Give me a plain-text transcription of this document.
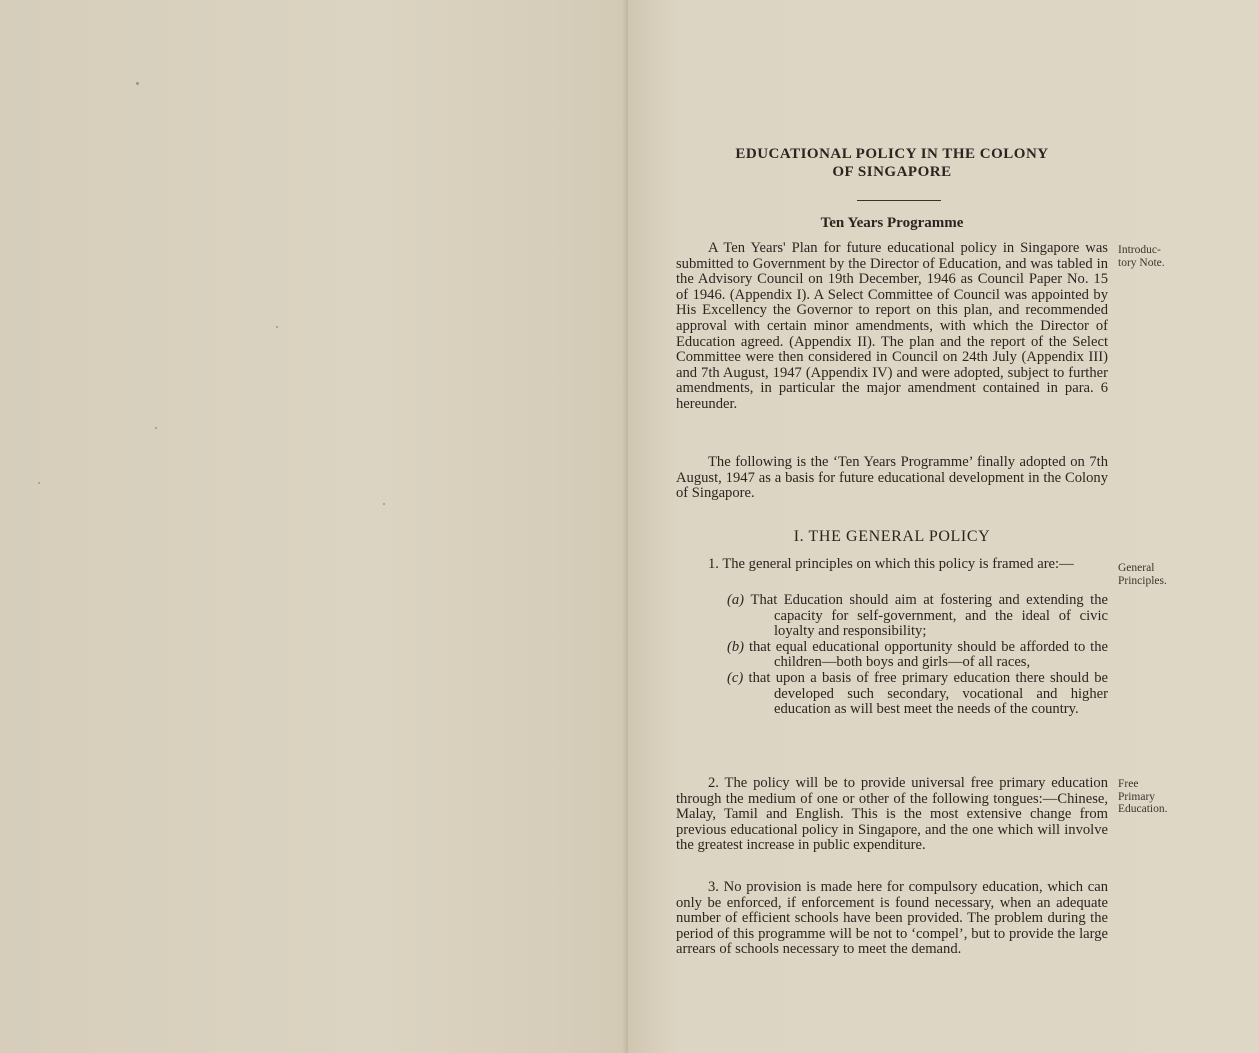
EDUCATIONAL POLICY IN THE COLONY
OF SINGAPORE
Ten Years Programme

A Ten Years' Plan for future educational policy in Singapore was submitted to Government by the Director of Education, and was tabled in the Advisory Council on 19th December, 1946 as Council Paper No. 15 of 1946. (Appendix I). A Select Committee of Council was appointed by His Excellency the Governor to report on this plan, and recommended approval with certain minor amendments, with which the Director of Education agreed. (Appendix II). The plan and the report of the Select Committee were then considered in Council on 24th July (Appendix III) and 7th August, 1947 (Appendix IV) and were adopted, subject to further amendments, in particular the major amendment contained in para. 6 hereunder.

The following is the ‘Ten Years Programme’ finally adopted on 7th August, 1947 as a basis for future educational development in the Colony of Singapore.

I. THE GENERAL POLICY

1. The general principles on which this policy is framed are:—

(a) That Education should aim at fostering and extending the capacity for self-government, and the ideal of civic loyalty and responsibility;
(b) that equal educational opportunity should be afforded to the children—both boys and girls—of all races,
(c) that upon a basis of free primary education there should be developed such secondary, vocational and higher education as will best meet the needs of the country.

2. The policy will be to provide universal free primary education through the medium of one or other of the following tongues:—Chinese, Malay, Tamil and English. This is the most extensive change from previous educational policy in Singapore, and the one which will involve the greatest increase in public expenditure.

3. No provision is made here for compulsory education, which can only be enforced, if enforcement is found necessary, when an adequate number of efficient schools have been provided. The problem during the period of this programme will be not to ‘compel’, but to provide the large arrears of schools necessary to meet the demand.

Introduc-
tory Note.
General
Principles.
Free
Primary
Education.
